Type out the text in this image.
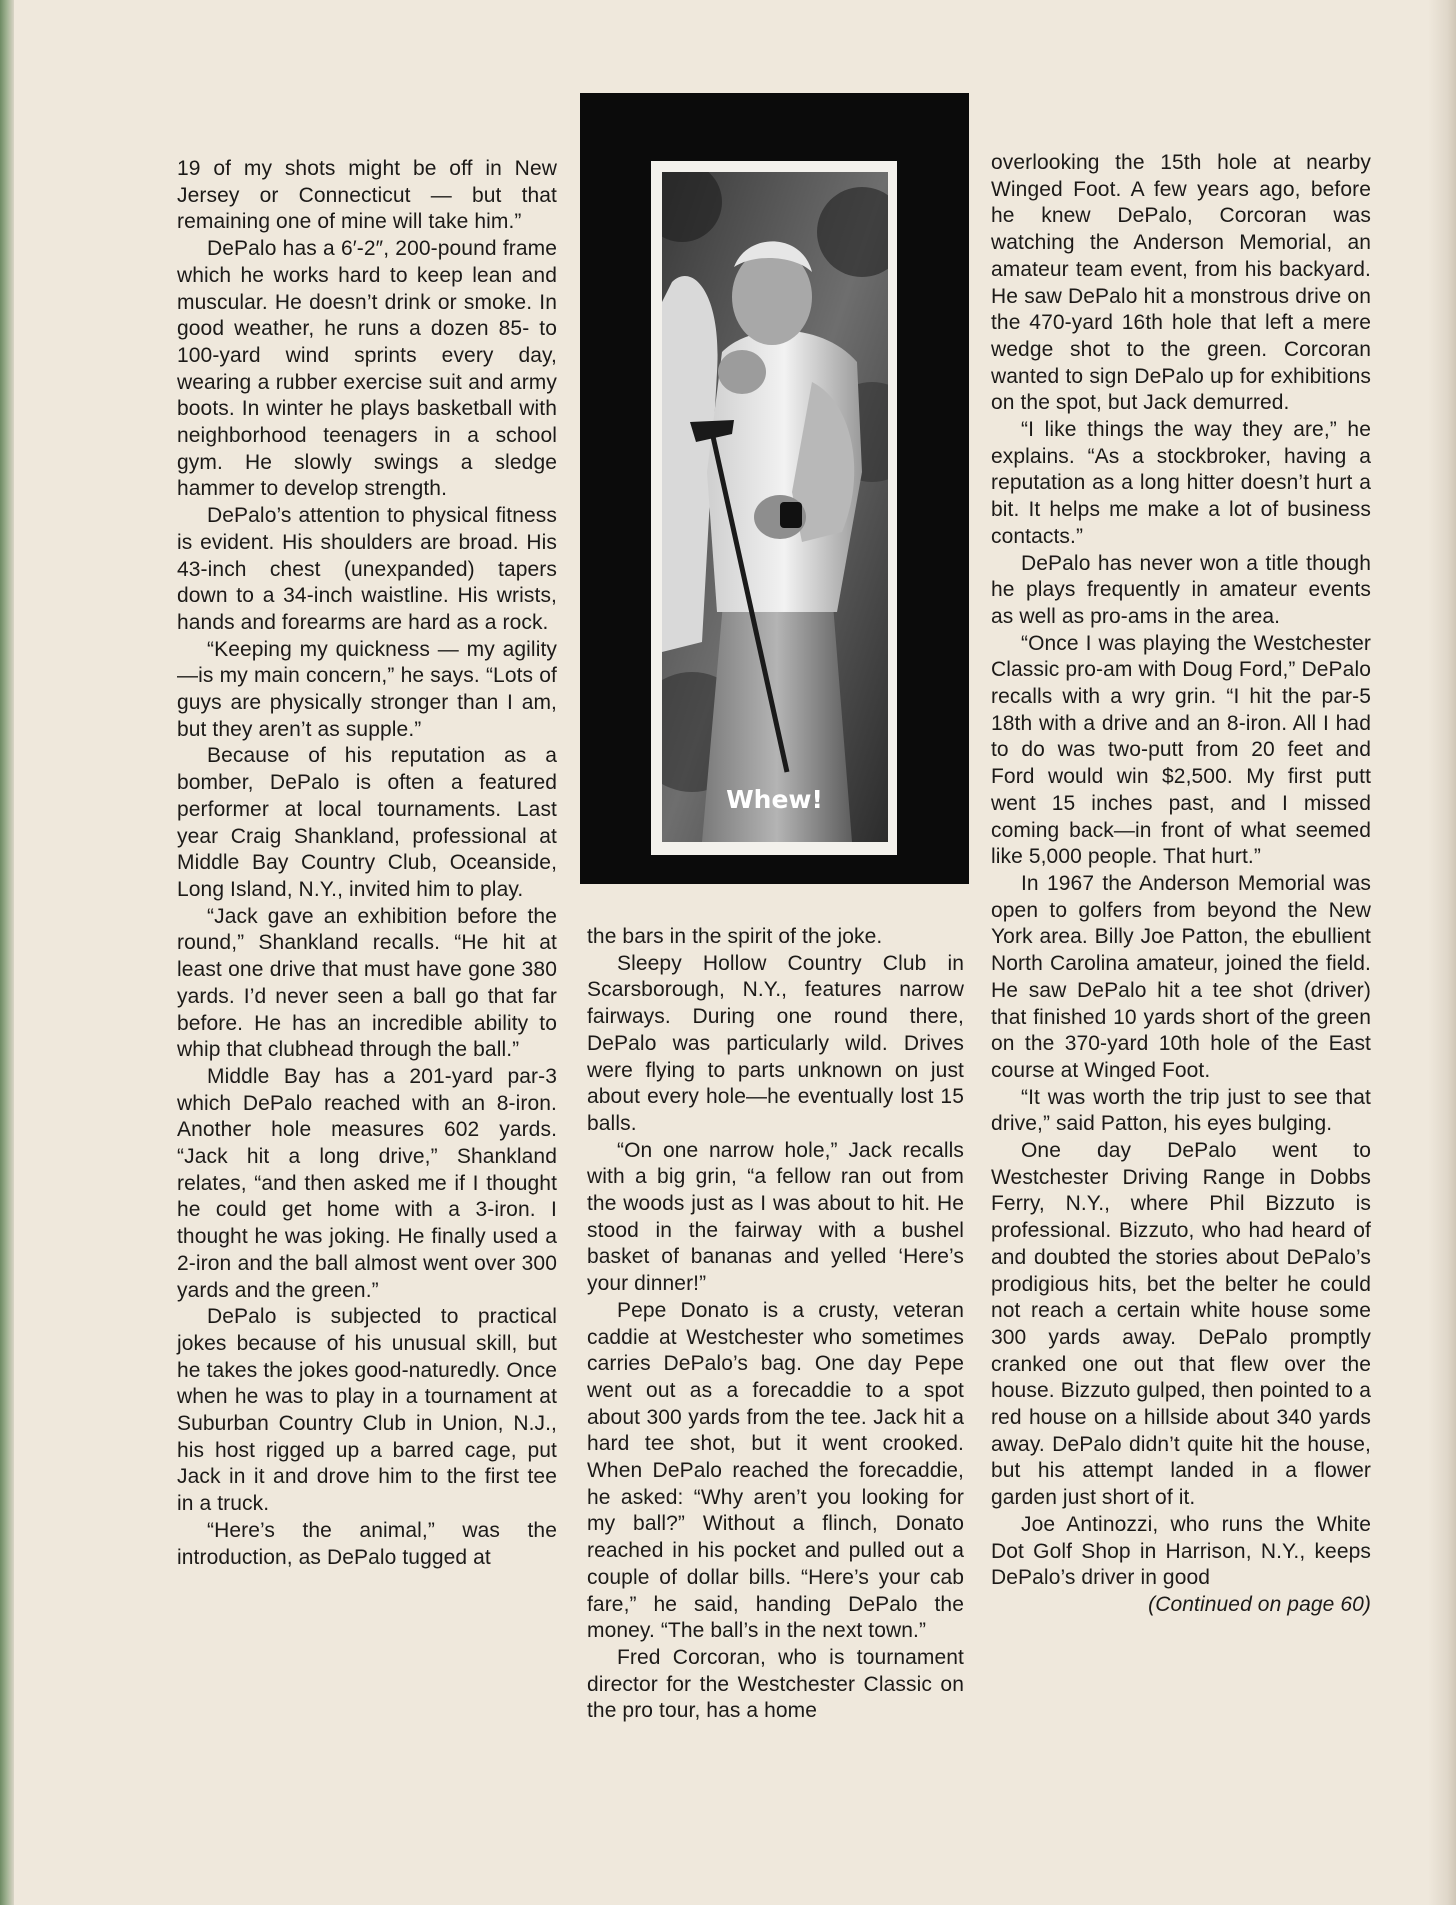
19 of my shots might be off in New Jersey or Connecticut — but that remaining one of mine will take him.”

DePalo has a 6′-2″, 200-pound frame which he works hard to keep lean and muscular. He doesn’t drink or smoke. In good weather, he runs a dozen 85- to 100-yard wind sprints every day, wearing a rubber exercise suit and army boots. In winter he plays basketball with neighborhood teenagers in a school gym. He slowly swings a sledge hammer to develop strength.

DePalo’s attention to physical fitness is evident. His shoulders are broad. His 43-inch chest (unexpanded) tapers down to a 34-inch waistline. His wrists, hands and forearms are hard as a rock.

“Keeping my quickness — my agility—is my main concern,” he says. “Lots of guys are physically stronger than I am, but they aren’t as supple.”

Because of his reputation as a bomber, DePalo is often a featured performer at local tournaments. Last year Craig Shankland, professional at Middle Bay Country Club, Oceanside, Long Island, N.Y., invited him to play.

“Jack gave an exhibition before the round,” Shankland recalls. “He hit at least one drive that must have gone 380 yards. I’d never seen a ball go that far before. He has an incredible ability to whip that clubhead through the ball.”

Middle Bay has a 201-yard par-3 which DePalo reached with an 8-iron. Another hole measures 602 yards. “Jack hit a long drive,” Shankland relates, “and then asked me if I thought he could get home with a 3-iron. I thought he was joking. He finally used a 2-iron and the ball almost went over 300 yards and the green.”

DePalo is subjected to practical jokes because of his unusual skill, but he takes the jokes good-naturedly. Once when he was to play in a tournament at Suburban Country Club in Union, N.J., his host rigged up a barred cage, put Jack in it and drove him to the first tee in a truck.

“Here’s the animal,” was the introduction, as DePalo tugged at

Whew!

the bars in the spirit of the joke.

Sleepy Hollow Country Club in Scarsborough, N.Y., features narrow fairways. During one round there, DePalo was particularly wild. Drives were flying to parts unknown on just about every hole—he eventually lost 15 balls.

“On one narrow hole,” Jack recalls with a big grin, “a fellow ran out from the woods just as I was about to hit. He stood in the fairway with a bushel basket of bananas and yelled ‘Here’s your dinner!”

Pepe Donato is a crusty, veteran caddie at Westchester who sometimes carries DePalo’s bag. One day Pepe went out as a forecaddie to a spot about 300 yards from the tee. Jack hit a hard tee shot, but it went crooked. When DePalo reached the forecaddie, he asked: “Why aren’t you looking for my ball?” Without a flinch, Donato reached in his pocket and pulled out a couple of dollar bills. “Here’s your cab fare,” he said, handing DePalo the money. “The ball’s in the next town.”

Fred Corcoran, who is tournament director for the Westchester Classic on the pro tour, has a home

overlooking the 15th hole at nearby Winged Foot. A few years ago, before he knew DePalo, Corcoran was watching the Anderson Memorial, an amateur team event, from his backyard. He saw DePalo hit a monstrous drive on the 470-yard 16th hole that left a mere wedge shot to the green. Corcoran wanted to sign DePalo up for exhibitions on the spot, but Jack demurred.

“I like things the way they are,” he explains. “As a stockbroker, having a reputation as a long hitter doesn’t hurt a bit. It helps me make a lot of business contacts.”

DePalo has never won a title though he plays frequently in amateur events as well as pro-ams in the area.

“Once I was playing the Westchester Classic pro-am with Doug Ford,” DePalo recalls with a wry grin. “I hit the par-5 18th with a drive and an 8-iron. All I had to do was two-putt from 20 feet and Ford would win $2,500. My first putt went 15 inches past, and I missed coming back—in front of what seemed like 5,000 people. That hurt.”

In 1967 the Anderson Memorial was open to golfers from beyond the New York area. Billy Joe Patton, the ebullient North Carolina amateur, joined the field. He saw DePalo hit a tee shot (driver) that finished 10 yards short of the green on the 370-yard 10th hole of the East course at Winged Foot.

“It was worth the trip just to see that drive,” said Patton, his eyes bulging.

One day DePalo went to Westchester Driving Range in Dobbs Ferry, N.Y., where Phil Bizzuto is professional. Bizzuto, who had heard of and doubted the stories about DePalo’s prodigious hits, bet the belter he could not reach a certain white house some 300 yards away. DePalo promptly cranked one out that flew over the house. Bizzuto gulped, then pointed to a red house on a hillside about 340 yards away. DePalo didn’t quite hit the house, but his attempt landed in a flower garden just short of it.

Joe Antinozzi, who runs the White Dot Golf Shop in Harrison, N.Y., keeps DePalo’s driver in good

(Continued on page 60)
